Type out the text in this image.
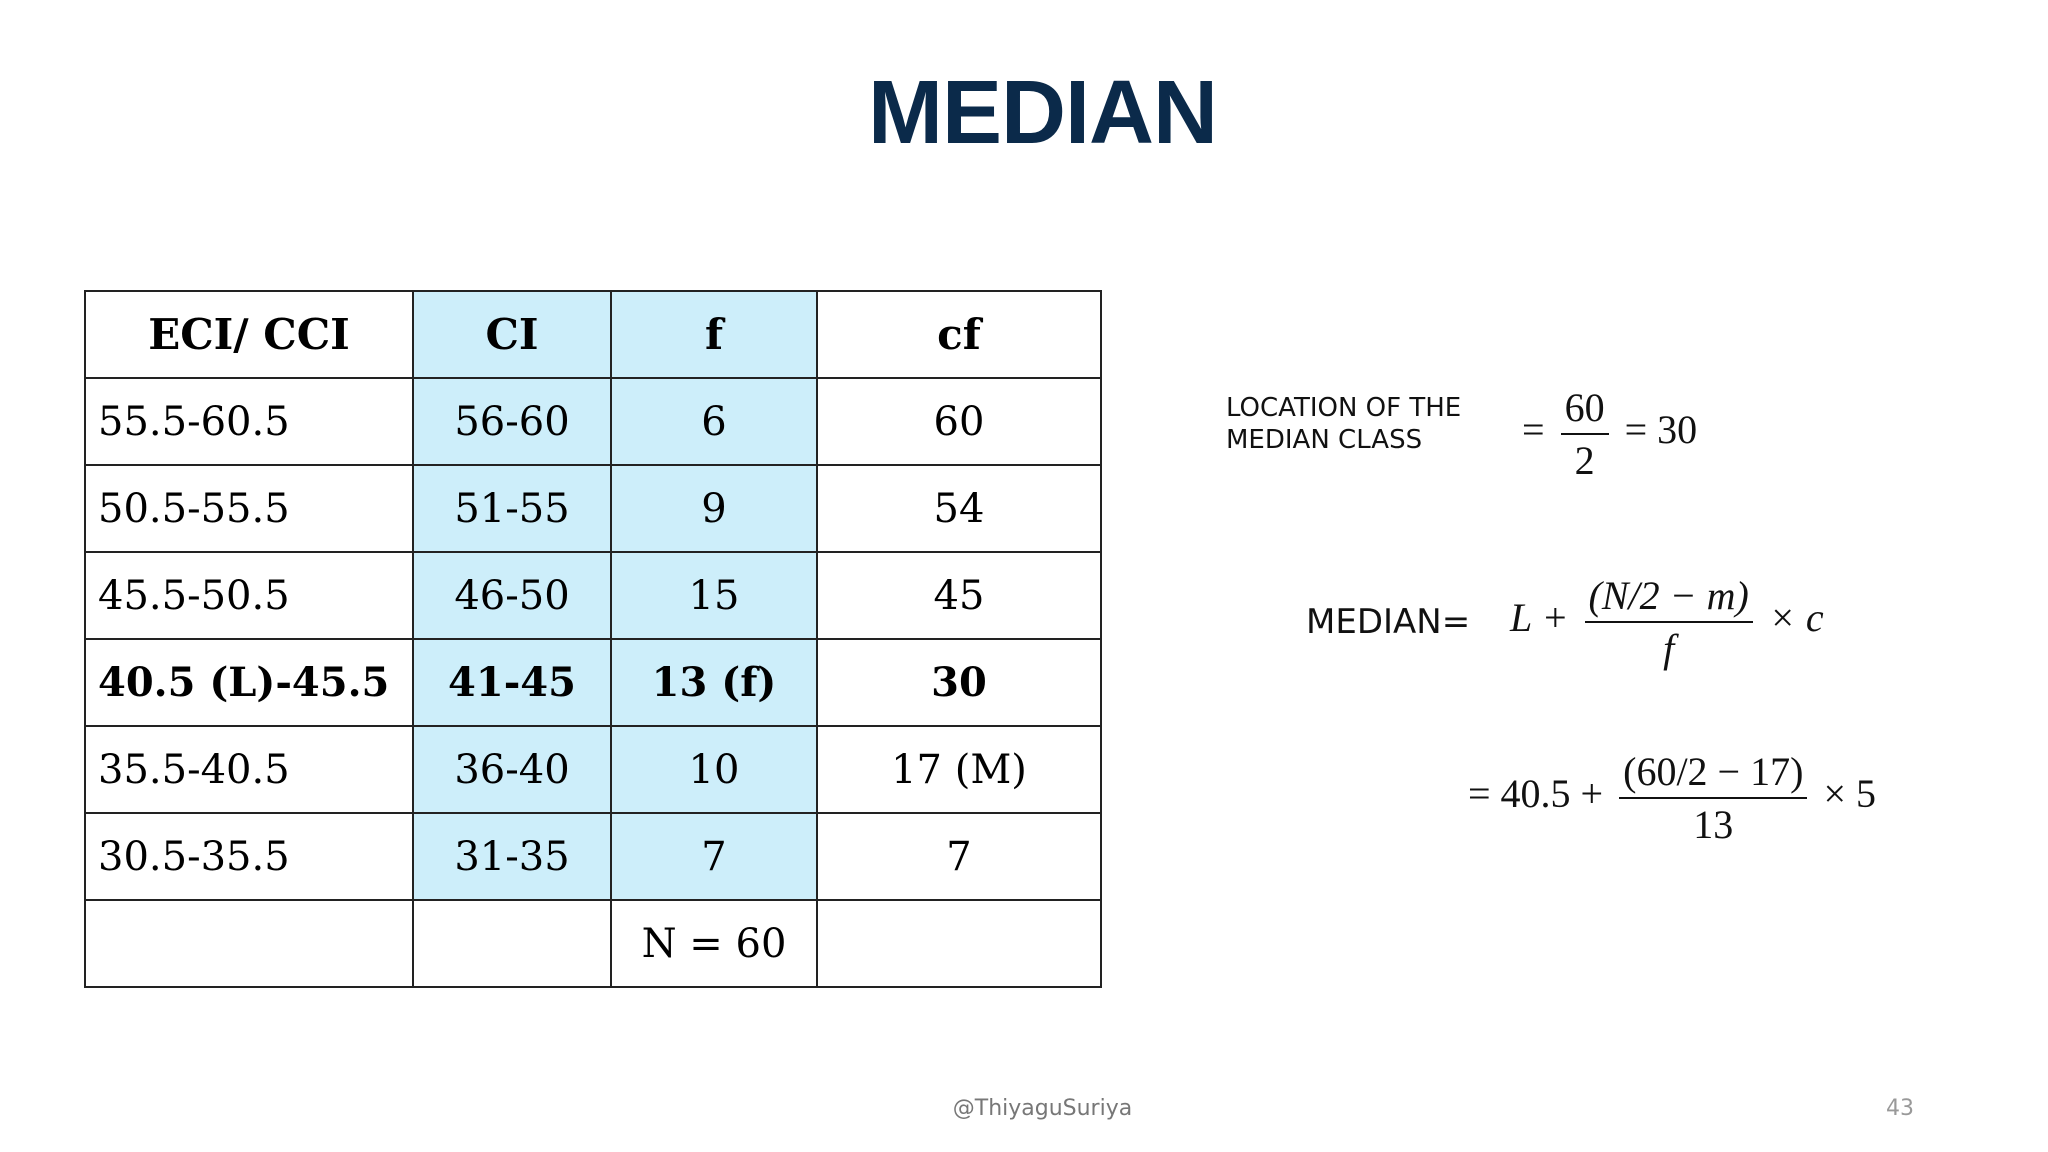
MEDIAN
ECI/ CCI	CI	f	cf
55.5-60.5	56-60	6	60
50.5-55.5	51-55	9	54
45.5-50.5	46-50	15	45
40.5 (L)-45.5	41-45	13 (f)	30
35.5-40.5	36-40	10	17 (M)
30.5-35.5	31-35	7	7
		N = 60	
LOCATION OF THE
MEDIAN CLASS	= $\frac{60}{2} = 30$
MEDIAN= $L + \frac{(N/2 - m)}{f} \times c$
= $40.5 + \frac{(60/2 - 17)}{13} \times 5$
@ThiyaguSuriya	43
